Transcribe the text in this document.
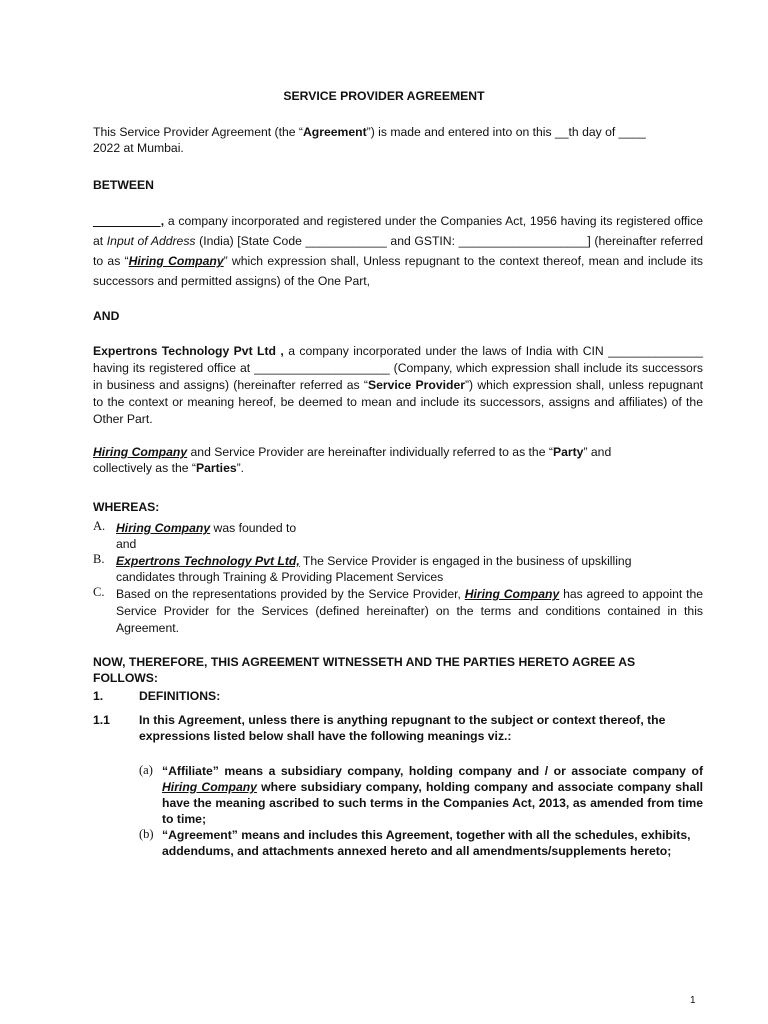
SERVICE PROVIDER AGREEMENT
This Service Provider Agreement (the “Agreement”) is made and entered into on this __th day of ____
2022 at Mumbai.
BETWEEN
__________, a company incorporated and registered under the Companies Act, 1956 having its registered office at Input of Address (India) [State Code ____________ and GSTIN: ___________________] (hereinafter referred to as “Hiring Company” which expression shall, Unless repugnant to the context thereof, mean and include its successors and permitted assigns) of the One Part,
AND
Expertrons Technology Pvt Ltd , a company incorporated under the laws of India with CIN ______________ having its registered office at ____________________ (Company, which expression shall include its successors in business and assigns) (hereinafter referred as “Service Provider”) which expression shall, unless repugnant to the context or meaning hereof, be deemed to mean and include its successors, assigns and affiliates) of the Other Part.
Hiring Company and Service Provider are hereinafter individually referred to as the “Party” and
collectively as the “Parties”.
WHEREAS:
A. Hiring Company was founded to
and
B. Expertrons Technology Pvt Ltd, The Service Provider is engaged in the business of upskilling
candidates through Training & Providing Placement Services
C. Based on the representations provided by the Service Provider, Hiring Company has agreed to appoint the Service Provider for the Services (defined hereinafter) on the terms and conditions contained in this Agreement.
NOW, THEREFORE, THIS AGREEMENT WITNESSETH AND THE PARTIES HERETO AGREE AS FOLLOWS:
1.	DEFINITIONS:
1.1 In this Agreement, unless there is anything repugnant to the subject or context thereof, the
expressions listed below shall have the following meanings viz.:
(a) “Affiliate” means a subsidiary company, holding company and / or associate company of Hiring Company where subsidiary company, holding company and associate company shall have the meaning ascribed to such terms in the Companies Act, 2013, as amended from time to time;
(b) “Agreement” means and includes this Agreement, together with all the schedules, exhibits, addendums, and attachments annexed hereto and all amendments/supplements hereto;
1
